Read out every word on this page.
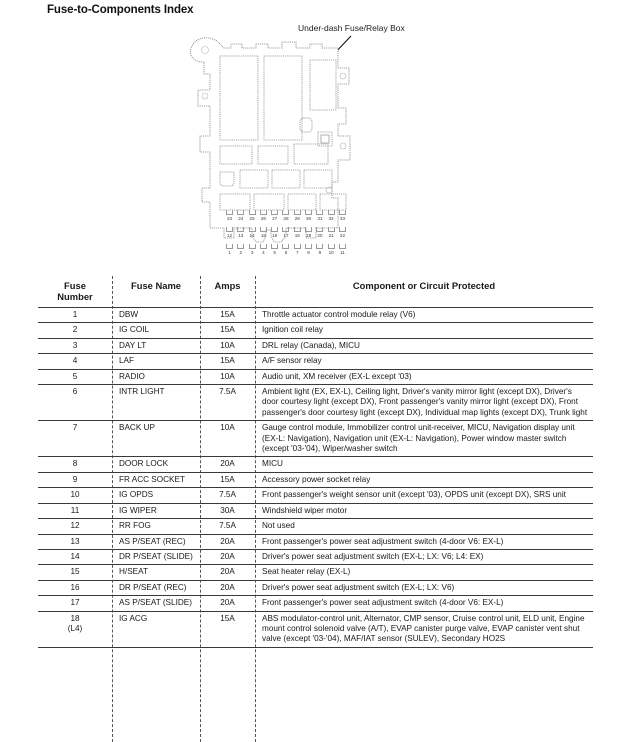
Fuse-to-Components Index
Under-dash Fuse/Relay Box
23	24	25	26	27	28	29	30	31	32	33
12	13	14	15	16	17	18	19	20	21	22
1	2	3	4	5	6	7	8	9	10	11
Fuse
Number	Fuse Name	Amps	Component or Circuit Protected
1	DBW	15A	Throttle actuator control module relay (V6)
2	IG COIL	15A	Ignition coil relay
3	DAY LT	10A	DRL relay (Canada), MICU
4	LAF	15A	A/F sensor relay
5	RADIO	10A	Audio unit, XM receiver (EX-L except '03)
6	INTR LIGHT	7.5A	Ambient light (EX, EX-L), Ceiling light, Driver's vanity mirror light (except DX), Driver's door courtesy light (except DX), Front passenger's vanity mirror light (except DX), Front passenger's door courtesy light (except DX), Individual map lights (except DX), Trunk light
7	BACK UP	10A	Gauge control module, Immobilizer control unit-receiver, MICU, Navigation display unit (EX-L: Navigation), Navigation unit (EX-L: Navigation), Power window master switch (except '03-'04), Wiper/washer switch
8	DOOR LOCK	20A	MICU
9	FR ACC SOCKET	15A	Accessory power socket relay
10	IG OPDS	7.5A	Front passenger's weight sensor unit (except '03), OPDS unit (except DX), SRS unit
11	IG WIPER	30A	Windshield wiper motor
12	RR FOG	7.5A	Not used
13	AS P/SEAT (REC)	20A	Front passenger's power seat adjustment switch (4-door V6: EX-L)
14	DR P/SEAT (SLIDE)	20A	Driver's power seat adjustment switch (EX-L; LX: V6; L4: EX)
15	H/SEAT	20A	Seat heater relay (EX-L)
16	DR P/SEAT (REC)	20A	Driver's power seat adjustment switch (EX-L; LX: V6)
17	AS P/SEAT (SLIDE)	20A	Front passenger's power seat adjustment switch (4-door V6: EX-L)
18
(L4)	IG ACG	15A	ABS modulator-control unit, Alternator, CMP sensor, Cruise control unit, ELD unit, Engine mount control solenoid valve (A/T), EVAP canister purge valve, EVAP canister vent shut valve (except '03-'04), MAF/IAT sensor (SULEV), Secondary HO2S
